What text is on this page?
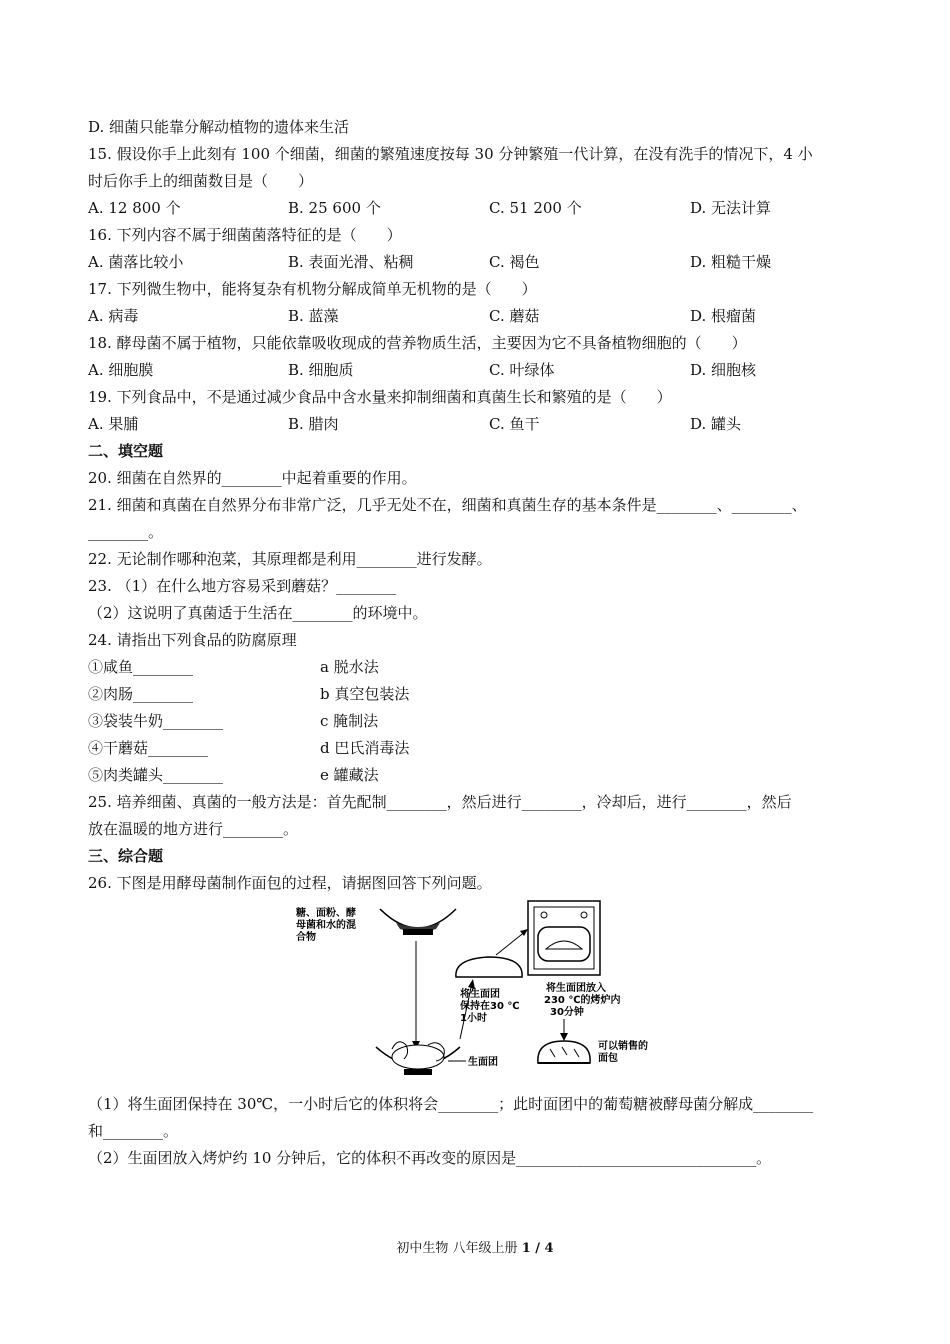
D. 细菌只能靠分解动植物的遗体来生活
15. 假设你手上此刻有 100 个细菌，细菌的繁殖速度按每 30 分钟繁殖一代计算，在没有洗手的情况下，4 小
时后你手上的细菌数目是（　　）
A. 12 800 个	B. 25 600 个	C. 51 200 个	D. 无法计算
16. 下列内容不属于细菌菌落特征的是（　　）
A. 菌落比较小	B. 表面光滑、粘稠	C. 褐色	D. 粗糙干燥
17. 下列微生物中，能将复杂有机物分解成简单无机物的是（　　）
A. 病毒	B. 蓝藻	C. 蘑菇	D. 根瘤菌
18. 酵母菌不属于植物，只能依靠吸收现成的营养物质生活，主要因为它不具备植物细胞的（　　）
A. 细胞膜	B. 细胞质	C. 叶绿体	D. 细胞核
19. 下列食品中，不是通过减少食品中含水量来抑制细菌和真菌生长和繁殖的是（　　）
A. 果脯	B. 腊肉	C. 鱼干	D. 罐头
二、填空题
20. 细菌在自然界的________中起着重要的作用。
21. 细菌和真菌在自然界分布非常广泛，几乎无处不在，细菌和真菌生存的基本条件是________、________、
________。
22. 无论制作哪种泡菜，其原理都是利用________进行发酵。
23. （1）在什么地方容易采到蘑菇？________
（2）这说明了真菌适于生活在________的环境中。
24. 请指出下列食品的防腐原理
①咸鱼________	a 脱水法
②肉肠________	b 真空包装法
③袋装牛奶________	c 腌制法
④干蘑菇________	d 巴氏消毒法
⑤肉类罐头________	e 罐藏法
25. 培养细菌、真菌的一般方法是：首先配制________，然后进行________，冷却后，进行________，然后
放在温暖的地方进行________。
三、综合题
26. 下图是用酵母菌制作面包的过程，请据图回答下列问题。
糖、面粉、酵
母菌和水的混
合物
生面团
将生面团
保持在30 ℃
1小时
将生面团放入
230 ℃的烤炉内
30分钟
可以销售的
面包
（1）将生面团保持在 30℃，一小时后它的体积将会________；此时面团中的葡萄糖被酵母菌分解成________
和________。
（2）生面团放入烤炉约 10 分钟后，它的体积不再改变的原因是________________________________。
初中生物 八年级上册 1 / 4
